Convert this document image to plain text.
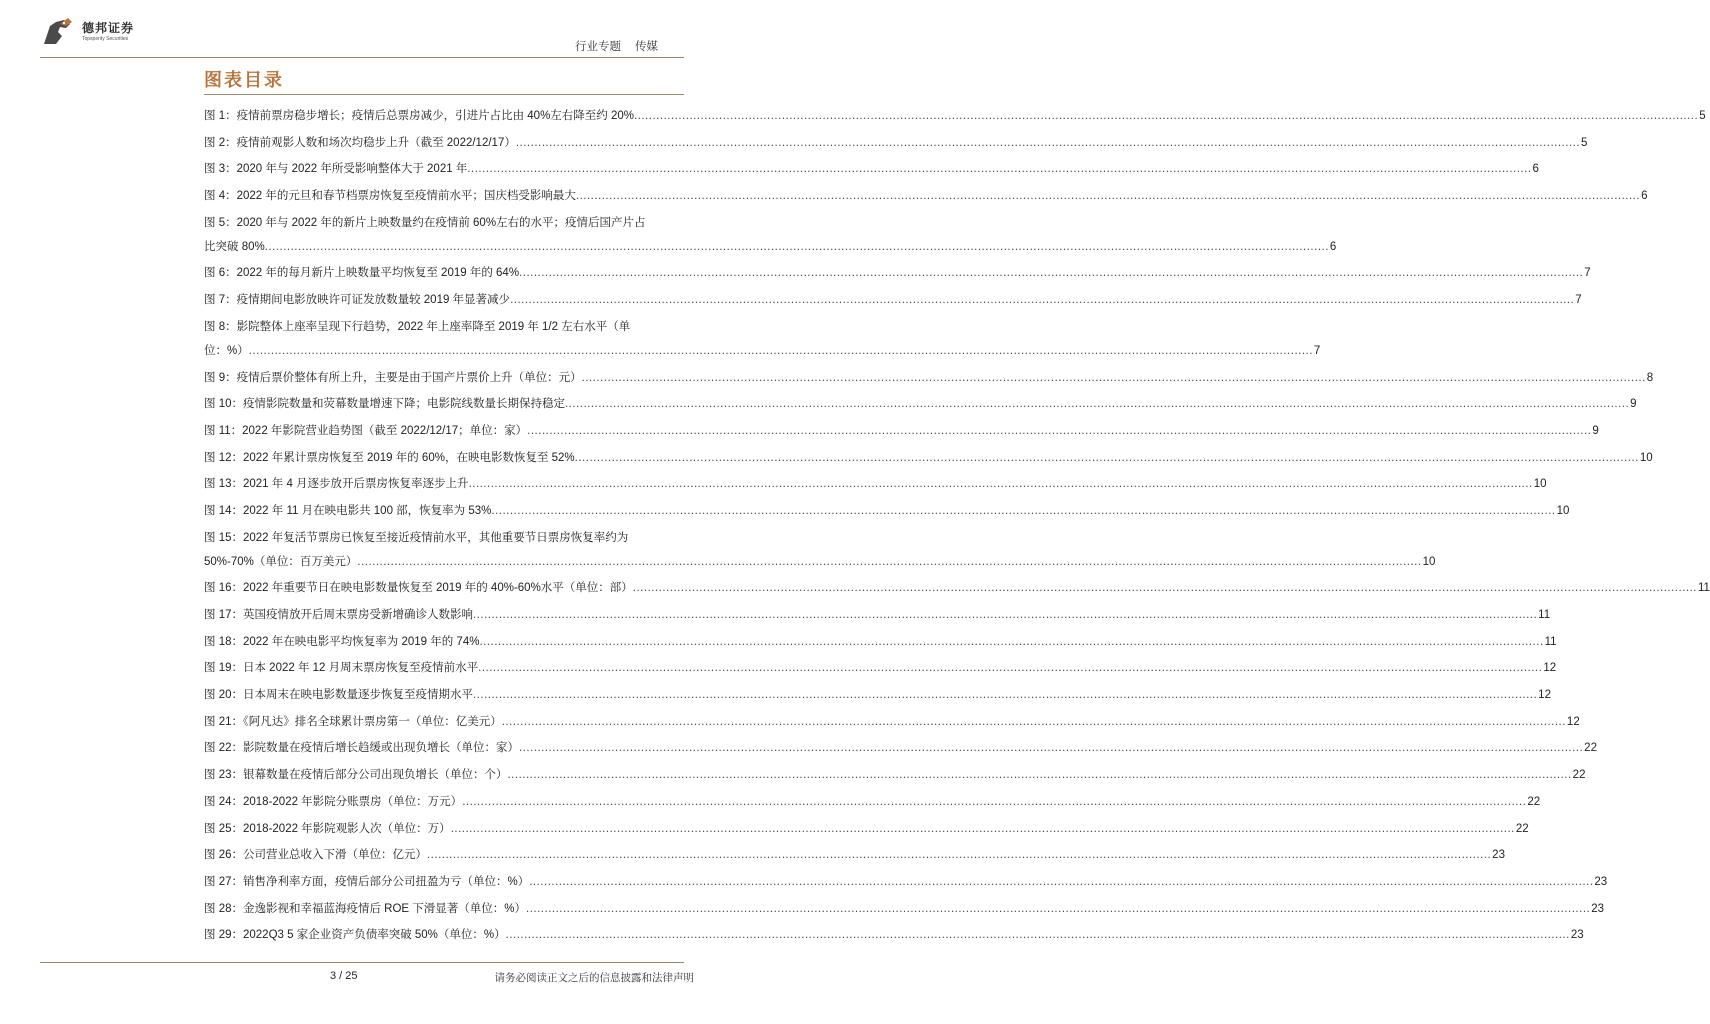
德邦证券
Topsperity Securities
行业专题 传媒
图表目录
图 1：疫情前票房稳步增长；疫情后总票房减少，引进片占比由 40%左右降至约 20% .....	5
图 2：疫情前观影人数和场次均稳步上升（截至 2022/12/17） .....	5
图 3：2020 年与 2022 年所受影响整体大于 2021 年 .....	6
图 4：2022 年的元旦和春节档票房恢复至疫情前水平；国庆档受影响最大 .....	6
图 5：2020 年与 2022 年的新片上映数量约在疫情前 60%左右的水平；疫情后国产片占
比突破 80% .....	6
图 6：2022 年的每月新片上映数量平均恢复至 2019 年的 64% .....	7
图 7：疫情期间电影放映许可证发放数量较 2019 年显著减少 .....	7
图 8：影院整体上座率呈现下行趋势，2022 年上座率降至 2019 年 1/2 左右水平（单
位：%） .....	7
图 9：疫情后票价整体有所上升，主要是由于国产片票价上升（单位：元） .....	8
图 10：疫情影院数量和荧幕数量增速下降；电影院线数量长期保持稳定 .....	9
图 11：2022 年影院营业趋势图（截至 2022/12/17；单位：家） .....	9
图 12：2022 年累计票房恢复至 2019 年的 60%，在映电影数恢复至 52% .....	10
图 13：2021 年 4 月逐步放开后票房恢复率逐步上升 .....	10
图 14：2022 年 11 月在映电影共 100 部，恢复率为 53% .....	10
图 15：2022 年复活节票房已恢复至接近疫情前水平，其他重要节日票房恢复率约为
50%-70%（单位：百万美元） .....	10
图 16：2022 年重要节日在映电影数量恢复至 2019 年的 40%-60%水平（单位：部） .....	11
图 17：英国疫情放开后周末票房受新增确诊人数影响 .....	11
图 18：2022 年在映电影平均恢复率为 2019 年的 74% .....	11
图 19：日本 2022 年 12 月周末票房恢复至疫情前水平 .....	12
图 20：日本周末在映电影数量逐步恢复至疫情期水平 .....	12
图 21：《阿凡达》排名全球累计票房第一（单位：亿美元） .....	12
图 22：影院数量在疫情后增长趋缓或出现负增长（单位：家） .....	22
图 23：银幕数量在疫情后部分公司出现负增长（单位：个） .....	22
图 24：2018-2022 年影院分账票房（单位：万元） .....	22
图 25：2018-2022 年影院观影人次（单位：万） .....	22
图 26：公司营业总收入下滑（单位：亿元） .....	23
图 27：销售净利率方面，疫情后部分公司扭盈为亏（单位：%） .....	23
图 28：金逸影视和幸福蓝海疫情后 ROE 下滑显著（单位：%） .....	23
图 29：2022Q3 5 家企业资产负债率突破 50%（单位：%） .....	23
3 / 25	请务必阅读正文之后的信息披露和法律声明
